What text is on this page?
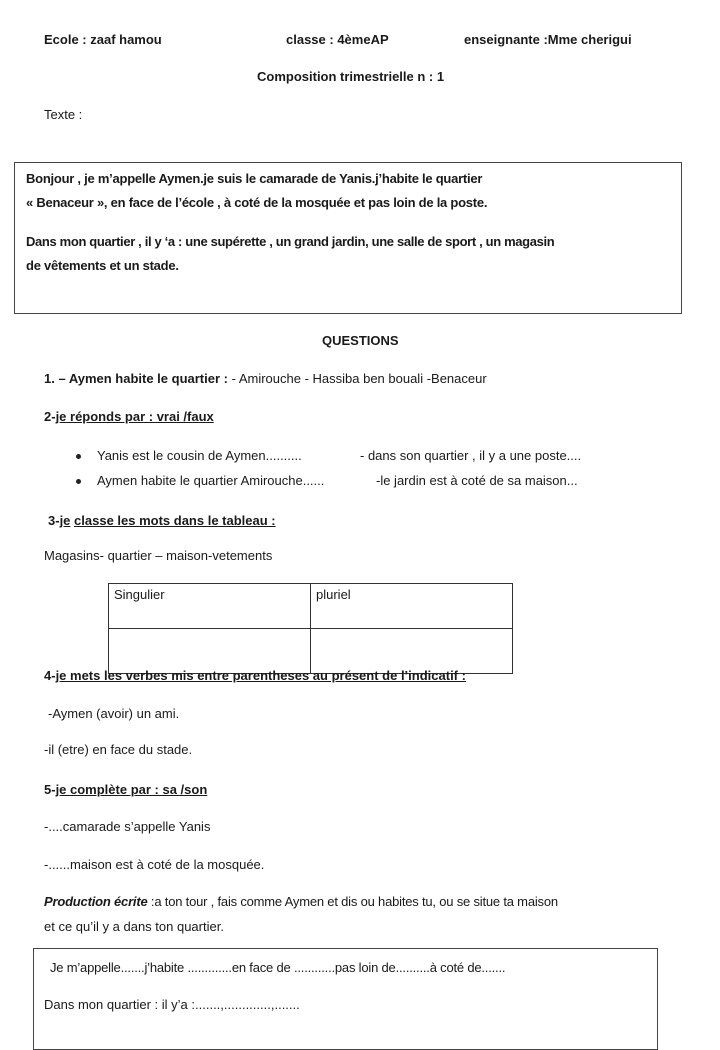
Ecole : zaaf hamou	classe : 4èmeAP	enseignante :Mme cherigui
Composition trimestrielle n : 1
Texte :
Bonjour , je m’appelle Aymen.je suis le camarade de Yanis.j’habite le quartier
« Benaceur », en face de l’école , à coté de la mosquée et pas loin de la poste.
Dans mon quartier , il y ‘a : une supérette , un grand jardin, une salle de sport , un magasin
de vêtements et un stade.
QUESTIONS
1. – Aymen habite le quartier : - Amirouche - Hassiba ben bouali -Benaceur
2-je réponds par : vrai /faux
Yanis est le cousin de Aymen..........	- dans son quartier , il y a une poste....
Aymen habite le quartier Amirouche......	-le jardin est à coté de sa maison...
3-je classe les mots dans le tableau :
Magasins- quartier – maison-vetements
Singulier	pluriel

4-je mets les verbes mis entre parentheses au présent de l’indicatif :
-Aymen (avoir) un ami.
-il (etre) en face du stade.
5-je complète par : sa /son
-....camarade s’appelle Yanis
-......maison est à coté de la mosquée.
Production écrite :a ton tour , fais comme Aymen et dis ou habites tu, ou se situe ta maison
et ce qu’il y a dans ton quartier.
Je m’appelle.......j’habite .............en face de ............pas loin de..........à coté de.......
Dans mon quartier : il y’a :.......,.............,.......
